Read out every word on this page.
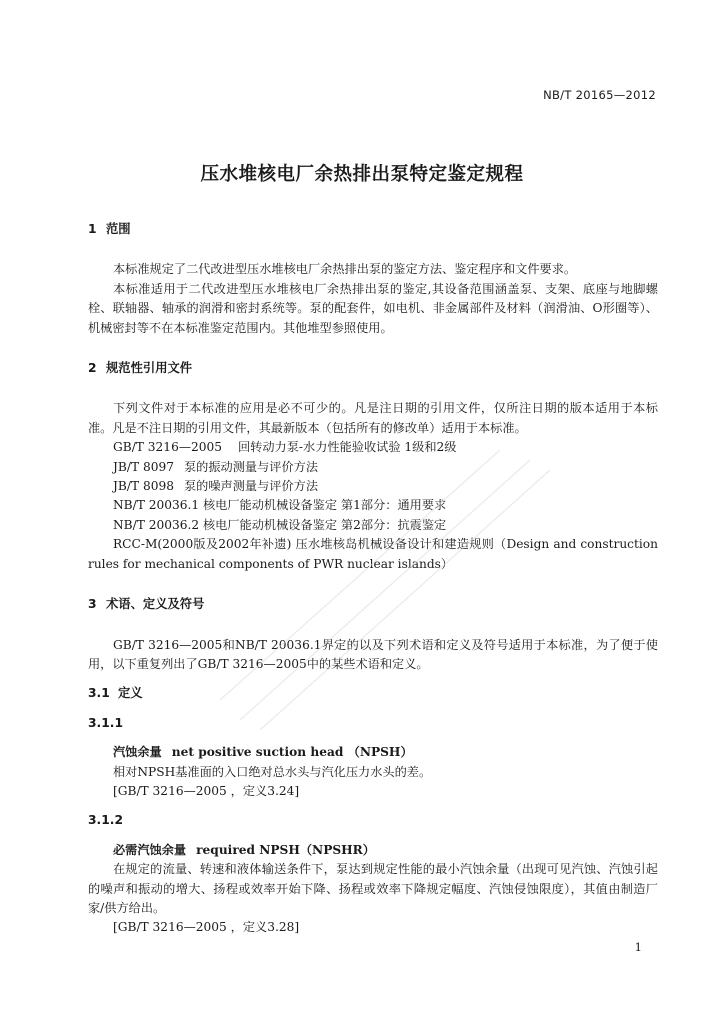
NB/T 20165—2012
压水堆核电厂余热排出泵特定鉴定规程

1 范围

本标准规定了二代改进型压水堆核电厂余热排出泵的鉴定方法、鉴定程序和文件要求。

本标准适用于二代改进型压水堆核电厂余热排出泵的鉴定,其设备范围涵盖泵、支架、底座与地脚螺栓、联轴器、轴承的润滑和密封系统等。泵的配套件，如电机、非金属部件及材料（润滑油、O形圈等）、机械密封等不在本标准鉴定范围内。其他堆型参照使用。

2 规范性引用文件

下列文件对于本标准的应用是必不可少的。凡是注日期的引用文件，仅所注日期的版本适用于本标准。凡是不注日期的引用文件，其最新版本（包括所有的修改单）适用于本标准。

GB/T 3216—2005 回转动力泵-水力性能验收试验 1级和2级

JB/T 8097 泵的振动测量与评价方法

JB/T 8098 泵的噪声测量与评价方法

NB/T 20036.1 核电厂能动机械设备鉴定 第1部分：通用要求

NB/T 20036.2 核电厂能动机械设备鉴定 第2部分：抗震鉴定

RCC-M(2000版及2002年补遗) 压水堆核岛机械设备设计和建造规则（Design and construction rules for mechanical components of PWR nuclear islands）

3 术语、定义及符号

GB/T 3216—2005和NB/T 20036.1界定的以及下列术语和定义及符号适用于本标准，为了便于使用，以下重复列出了GB/T 3216—2005中的某些术语和定义。

3.1 定义

3.1.1

汽蚀余量 net positive suction head （NPSH）

相对NPSH基准面的入口绝对总水头与汽化压力水头的差。

[GB/T 3216—2005 ，定义3.24]

3.1.2

必需汽蚀余量 required NPSH（NPSHR）

在规定的流量、转速和液体输送条件下，泵达到规定性能的最小汽蚀余量（出现可见汽蚀、汽蚀引起的噪声和振动的增大、扬程或效率开始下降、扬程或效率下降规定幅度、汽蚀侵蚀限度），其值由制造厂家/供方给出。

[GB/T 3216—2005 ，定义3.28]

1
